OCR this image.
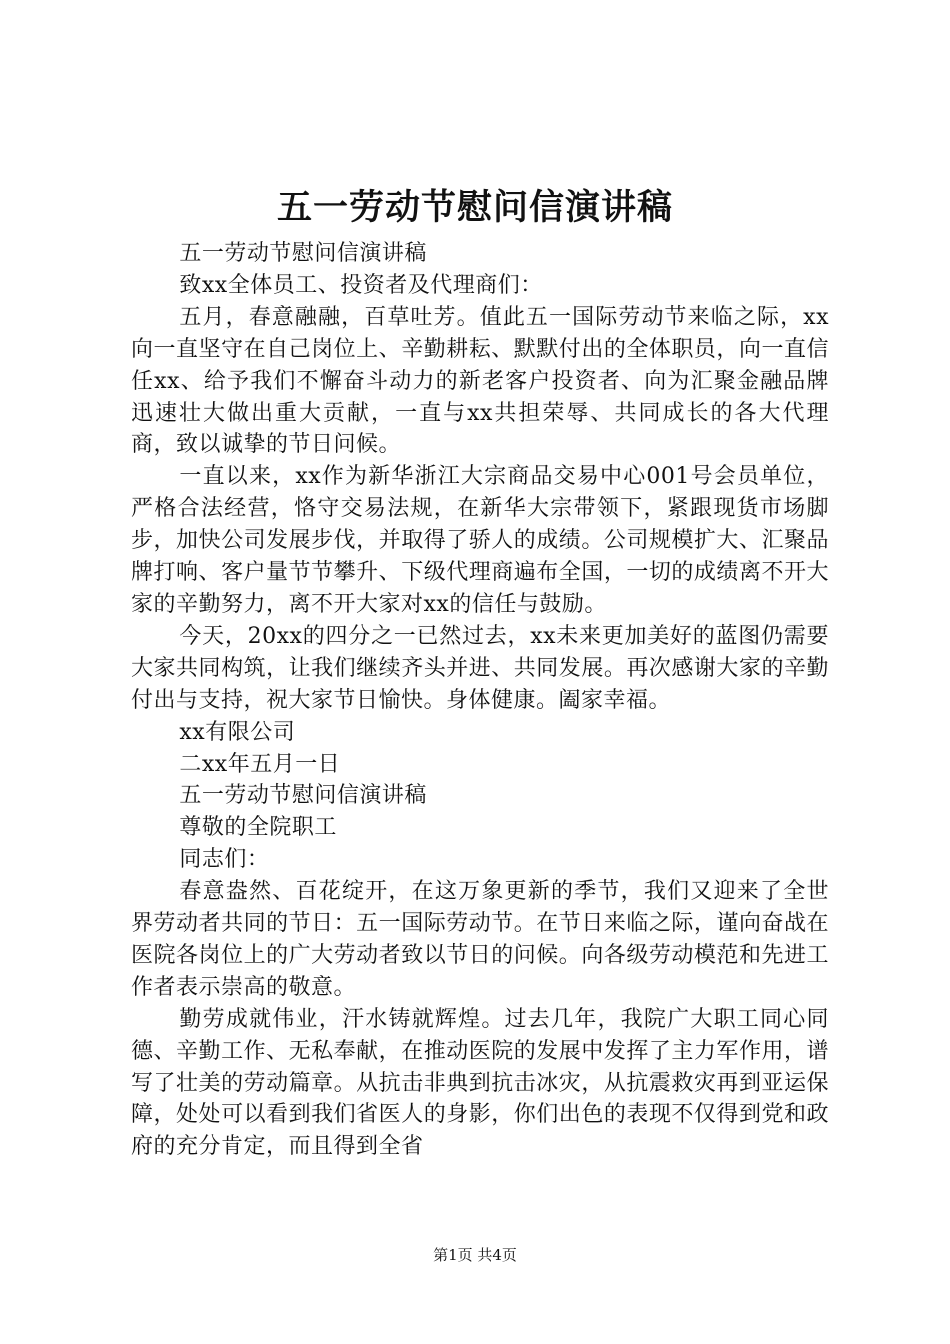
五一劳动节慰问信演讲稿

五一劳动节慰问信演讲稿

致xx全体员工、投资者及代理商们：

五月，春意融融，百草吐芳。值此五一国际劳动节来临之际，xx向一直坚守在自己岗位上、辛勤耕耘、默默付出的全体职员，向一直信任xx、给予我们不懈奋斗动力的新老客户投资者、向为汇聚金融品牌迅速壮大做出重大贡献，一直与xx共担荣辱、共同成长的各大代理商，致以诚挚的节日问候。

一直以来，xx作为新华浙江大宗商品交易中心001号会员单位，严格合法经营，恪守交易法规，在新华大宗带领下，紧跟现货市场脚步，加快公司发展步伐，并取得了骄人的成绩。公司规模扩大、汇聚品牌打响、客户量节节攀升、下级代理商遍布全国，一切的成绩离不开大家的辛勤努力，离不开大家对xx的信任与鼓励。

今天，20xx的四分之一已然过去，xx未来更加美好的蓝图仍需要大家共同构筑，让我们继续齐头并进、共同发展。再次感谢大家的辛勤付出与支持，祝大家节日愉快。身体健康。阖家幸福。

xx有限公司

二xx年五月一日

五一劳动节慰问信演讲稿

尊敬的全院职工

同志们：

春意盎然、百花绽开，在这万象更新的季节，我们又迎来了全世界劳动者共同的节日：五一国际劳动节。在节日来临之际，谨向奋战在医院各岗位上的广大劳动者致以节日的问候。向各级劳动模范和先进工作者表示崇高的敬意。

勤劳成就伟业，汗水铸就辉煌。过去几年，我院广大职工同心同德、辛勤工作、无私奉献，在推动医院的发展中发挥了主力军作用，谱写了壮美的劳动篇章。从抗击非典到抗击冰灾，从抗震救灾再到亚运保障，处处可以看到我们省医人的身影，你们出色的表现不仅得到党和政府的充分肯定，而且得到全省

第1页 共4页
